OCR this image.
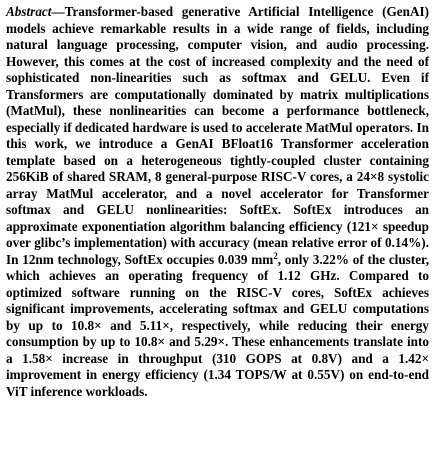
Abstract—Transformer-based generative Artificial Intelligence (GenAI) models achieve remarkable results in a wide range of fields, including natural language processing, computer vision, and audio processing. However, this comes at the cost of increased complexity and the need of sophisticated non-linearities such as softmax and GELU. Even if Transformers are computationally dominated by matrix multiplications (MatMul), these nonlinearities can become a performance bottleneck, especially if dedicated hardware is used to accelerate MatMul operators. In this work, we introduce a GenAI BFloat16 Transformer acceleration template based on a heterogeneous tightly-coupled cluster containing 256KiB of shared SRAM, 8 general-purpose RISC-V cores, a 24×8 systolic array MatMul accelerator, and a novel accelerator for Transformer softmax and GELU nonlinearities: SoftEx. SoftEx introduces an approximate exponentiation algorithm balancing efficiency (121× speedup over glibc’s implementation) with accuracy (mean relative error of 0.14%). In 12nm technology, SoftEx occupies 0.039 $mm^2$, only 3.22% of the cluster, which achieves an operating frequency of 1.12 GHz. Compared to optimized software running on the RISC-V cores, SoftEx achieves significant improvements, accelerating softmax and GELU computations by up to 10.8× and 5.11×, respectively, while reducing their energy consumption by up to 10.8× and 5.29×. These enhancements translate into a 1.58× increase in throughput (310 GOPS at 0.8V) and a 1.42× improvement in energy efficiency (1.34 TOPS/W at 0.55V) on end-to-end ViT inference workloads.
